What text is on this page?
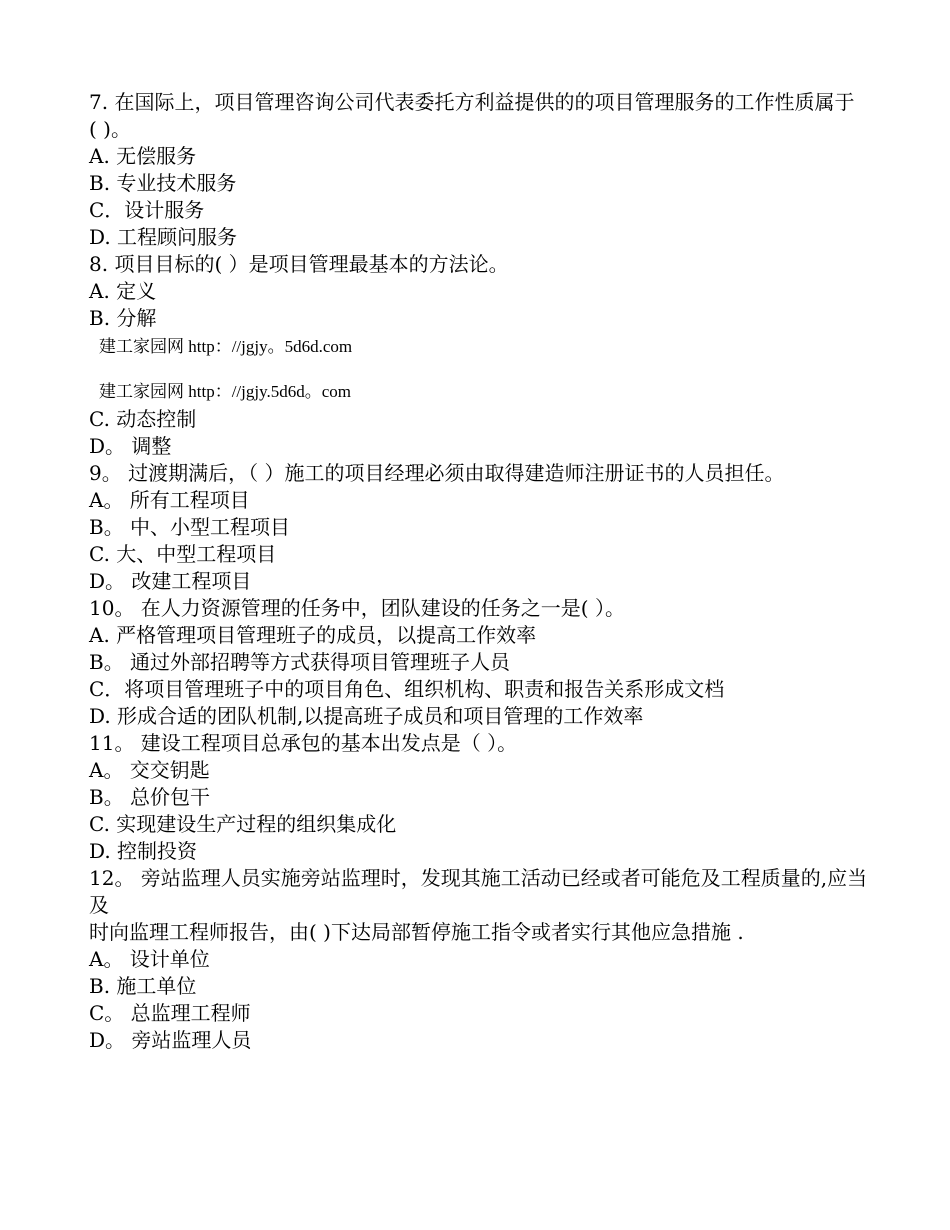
7. 在国际上，项目管理咨询公司代表委托方利益提供的的项目管理服务的工作性质属于

( )。

A. 无偿服务

B. 专业技术服务

C．设计服务

D. 工程顾问服务

8. 项目目标的( ）是项目管理最基本的方法论。

A. 定义

B. 分解

建工家园网 http：//jgjy。5d6d.com

建工家园网 http：//jgjy.5d6d。com

C. 动态控制

D。 调整

9。 过渡期满后，（ ）施工的项目经理必须由取得建造师注册证书的人员担任。

A。 所有工程项目

B。 中、小型工程项目

C. 大、中型工程项目

D。 改建工程项目

10。 在人力资源管理的任务中，团队建设的任务之一是( ）。

A. 严格管理项目管理班子的成员，以提高工作效率

B。 通过外部招聘等方式获得项目管理班子人员

C．将项目管理班子中的项目角色、组织机构、职责和报告关系形成文档

D. 形成合适的团队机制,以提高班子成员和项目管理的工作效率

11。 建设工程项目总承包的基本出发点是（ ）。

A。 交交钥匙

B。 总价包干

C. 实现建设生产过程的组织集成化

D. 控制投资

12。 旁站监理人员实施旁站监理时，发现其施工活动已经或者可能危及工程质量的,应当及

时向监理工程师报告，由( )下达局部暂停施工指令或者实行其他应急措施 .

A。 设计单位

B. 施工单位

C。 总监理工程师

D。 旁站监理人员
